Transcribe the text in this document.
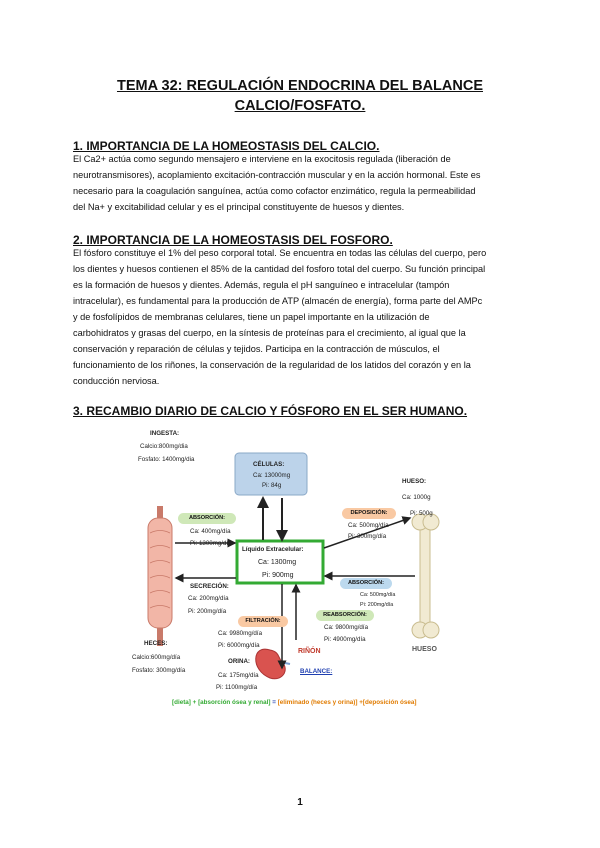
TEMA 32: REGULACIÓN ENDOCRINA DEL BALANCE
CALCIO/FOSFATO.
1. IMPORTANCIA DE LA HOMEOSTASIS DEL CALCIO.
El Ca2+ actúa como segundo mensajero e interviene en la exocitosis regulada (liberación de
neurotransmisores), acoplamiento excitación-contracción muscular y en la acción hormonal. Este es
necesario para la coagulación sanguínea, actúa como cofactor enzimático, regula la permeabilidad
del Na+ y excitabilidad celular y es el principal constituyente de huesos y dientes.
2. IMPORTANCIA DE LA HOMEOSTASIS DEL FOSFORO.
El fósforo constituye el 1% del peso corporal total. Se encuentra en todas las células del cuerpo, pero
los dientes y huesos contienen el 85% de la cantidad del fosforo total del cuerpo. Su función principal
es la formación de huesos y dientes. Además, regula el pH sanguíneo e intracelular (tampón
intracelular), es fundamental para la producción de ATP (almacén de energía), forma parte del AMPc
y de fosfolípidos de membranas celulares, tiene un papel importante en la utilización de
carbohidratos y grasas del cuerpo, en la síntesis de proteínas para el crecimiento, al igual que la
conservación y reparación de células y tejidos. Participa en la contracción de músculos, el
funcionamiento de los riñones, la conservación de la regularidad de los latidos del corazón y en la
conducción nerviosa.
3. RECAMBIO DIARIO DE CALCIO Y FÓSFORO EN EL SER HUMANO.
INGESTA:
Calcio:800mg/dia
Fosfato: 1400mg/dia
CÉLULAS:
Ca: 13000mg
Pi: 84g
HUESO:
Ca: 1000g
Pi: 500g
HUESO
ABSORCIÓN:
Ca: 400mg/día
Pi: 1300mg/día
DEPOSICIÓN:
Ca: 500mg/día
Pi: 300mg/día
Líquido Extracelular:
Ca: 1300mg
Pi: 900mg
SECRECIÓN:
Ca: 200mg/día
Pi: 200mg/día
ABSORCIÓN:
Ca: 500mg/día
Pi: 200mg/día
REABSORCIÓN:
Ca: 9800mg/día
Pi: 4900mg/día
FILTRACIÓN:
Ca: 9980mg/día
Pi: 6000mg/día
RIÑÓN
HECES:
Calcio:600mg/día
Fosfato: 300mg/día
ORINA:
Ca: 175mg/día
Pi: 1100mg/día
BALANCE:
[dieta] + [absorción ósea y renal] = [eliminado (heces y orina)] +[deposición ósea]
1
